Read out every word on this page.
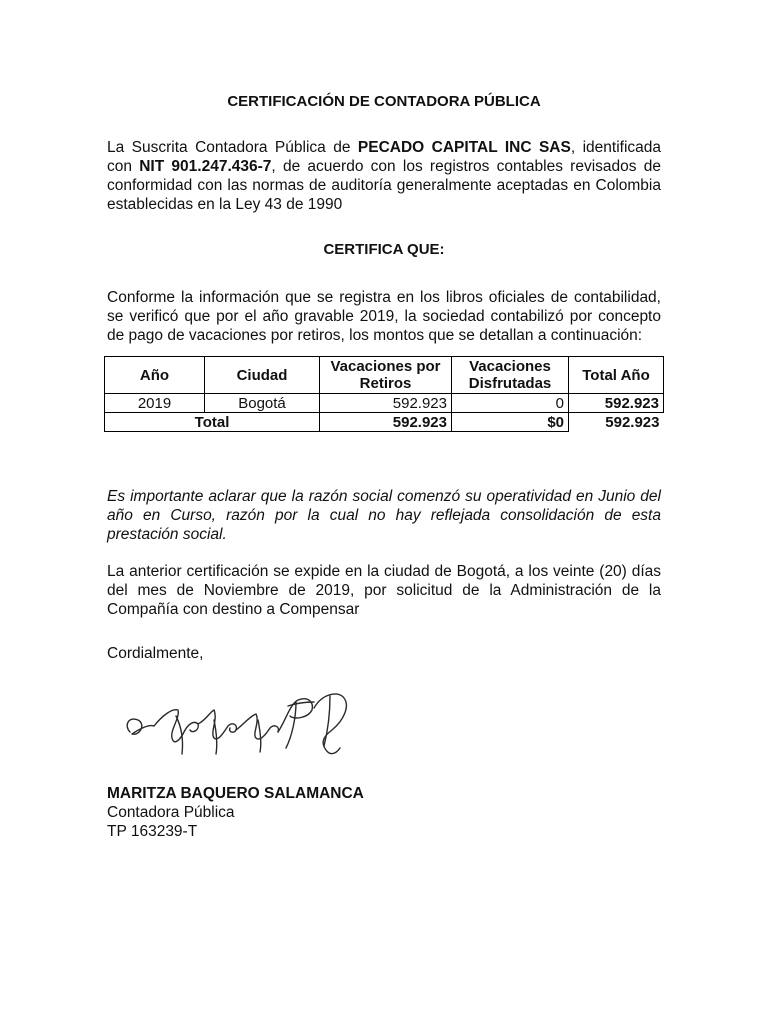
CERTIFICACIÓN DE CONTADORA PÚBLICA

La Suscrita Contadora Pública de PECADO CAPITAL INC SAS, identificada con NIT 901.247.436-7, de acuerdo con los registros contables revisados de conformidad con las normas de auditoría generalmente aceptadas en Colombia establecidas en la Ley 43 de 1990

CERTIFICA QUE:

Conforme la información que se registra en los libros oficiales de contabilidad, se verificó que por el año gravable 2019, la sociedad contabilizó por concepto de pago de vacaciones por retiros, los montos que se detallan a continuación:

Año	Ciudad	Vacaciones por Retiros	Vacaciones Disfrutadas	Total Año
2019	Bogotá	592.923	0	592.923
Total		592.923	$0	592.923

Es importante aclarar que la razón social comenzó su operatividad en Junio del año en Curso, razón por la cual no hay reflejada consolidación de esta prestación social.

La anterior certificación se expide en la ciudad de Bogotá, a los veinte (20) días del mes de Noviembre de 2019, por solicitud de la Administración de la Compañía con destino a Compensar

Cordialmente,

MARITZA BAQUERO SALAMANCA
Contadora Pública
TP 163239-T
